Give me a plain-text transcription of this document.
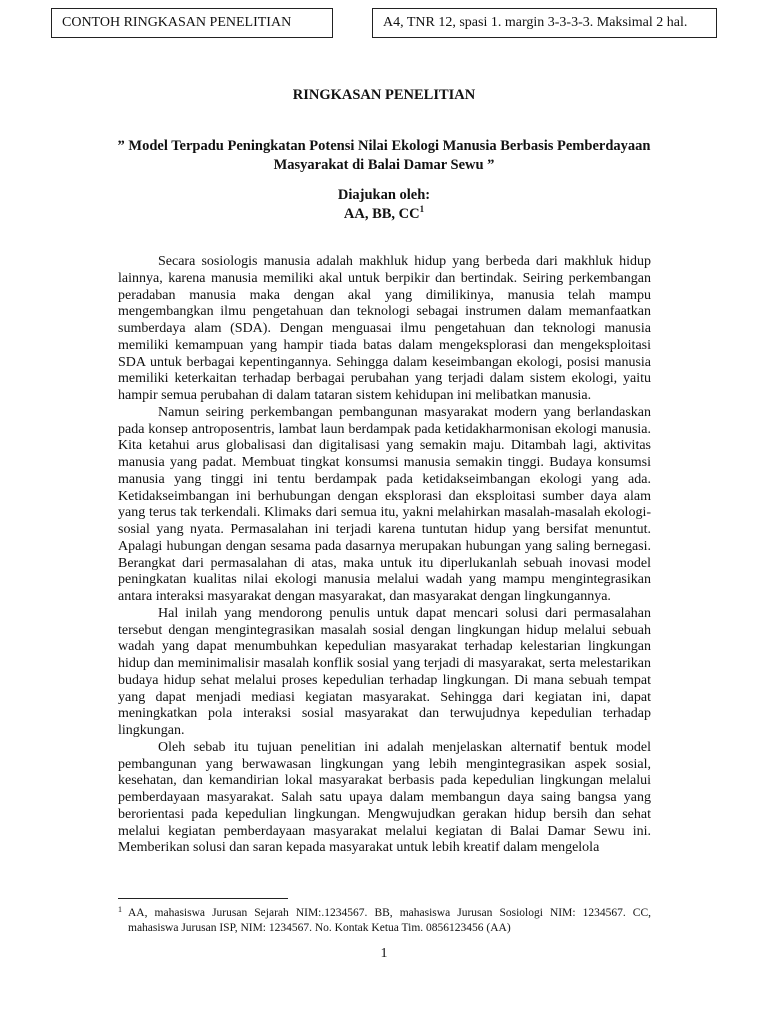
CONTOH RINGKASAN PENELITIAN	A4, TNR 12, spasi 1. margin 3-3-3-3. Maksimal 2 hal.
RINGKASAN PENELITIAN
” Model Terpadu Peningkatan Potensi Nilai Ekologi Manusia Berbasis Pemberdayaan
Masyarakat di Balai Damar Sewu ”
Diajukan oleh:
AA, BB, $CC^1$

Secara sosiologis manusia adalah makhluk hidup yang berbeda dari makhluk hidup lainnya, karena manusia memiliki akal untuk berpikir dan bertindak. Seiring perkembangan peradaban manusia maka dengan akal yang dimilikinya, manusia telah mampu mengembangkan ilmu pengetahuan dan teknologi sebagai instrumen dalam memanfaatkan sumberdaya alam (SDA). Dengan menguasai ilmu pengetahuan dan teknologi manusia memiliki kemampuan yang hampir tiada batas dalam mengeksplorasi dan mengeksploitasi SDA untuk berbagai kepentingannya. Sehingga dalam keseimbangan ekologi, posisi manusia memiliki keterkaitan terhadap berbagai perubahan yang terjadi dalam sistem ekologi, yaitu hampir semua perubahan di dalam tataran sistem kehidupan ini melibatkan manusia.

Namun seiring perkembangan pembangunan masyarakat modern yang berlandaskan pada konsep antroposentris, lambat laun berdampak pada ketidakharmonisan ekologi manusia. Kita ketahui arus globalisasi dan digitalisasi yang semakin maju. Ditambah lagi, aktivitas manusia yang padat. Membuat tingkat konsumsi manusia semakin tinggi. Budaya konsumsi manusia yang tinggi ini tentu berdampak pada ketidakseimbangan ekologi yang ada. Ketidakseimbangan ini berhubungan dengan eksplorasi dan eksploitasi sumber daya alam yang terus tak terkendali. Klimaks dari semua itu, yakni melahirkan masalah-masalah ekologi-sosial yang nyata. Permasalahan ini terjadi karena tuntutan hidup yang bersifat menuntut. Apalagi hubungan dengan sesama pada dasarnya merupakan hubungan yang saling bernegasi. Berangkat dari permasalahan di atas, maka untuk itu diperlukanlah sebuah inovasi model peningkatan kualitas nilai ekologi manusia melalui wadah yang mampu mengintegrasikan antara interaksi masyarakat dengan masyarakat, dan masyarakat dengan lingkungannya.

Hal inilah yang mendorong penulis untuk dapat mencari solusi dari permasalahan tersebut dengan mengintegrasikan masalah sosial dengan lingkungan hidup melalui sebuah wadah yang dapat menumbuhkan kepedulian masyarakat terhadap kelestarian lingkungan hidup dan meminimalisir masalah konflik sosial yang terjadi di masyarakat, serta melestarikan budaya hidup sehat melalui proses kepedulian terhadap lingkungan. Di mana sebuah tempat yang dapat menjadi mediasi kegiatan masyarakat. Sehingga dari kegiatan ini, dapat meningkatkan pola interaksi sosial masyarakat dan terwujudnya kepedulian terhadap lingkungan.

Oleh sebab itu tujuan penelitian ini adalah menjelaskan alternatif bentuk model pembangunan yang berwawasan lingkungan yang lebih mengintegrasikan aspek sosial, kesehatan, dan kemandirian lokal masyarakat berbasis pada kepedulian lingkungan melalui pemberdayaan masyarakat. Salah satu upaya dalam membangun daya saing bangsa yang berorientasi pada kepedulian lingkungan. Mengwujudkan gerakan hidup bersih dan sehat melalui kegiatan pemberdayaan masyarakat melalui kegiatan di Balai Damar Sewu ini. Memberikan solusi dan saran kepada masyarakat untuk lebih kreatif dalam mengelola

1 AA, mahasiswa Jurusan Sejarah NIM:.1234567. BB, mahasiswa Jurusan Sosiologi NIM: 1234567. CC, mahasiswa Jurusan ISP, NIM: 1234567. No. Kontak Ketua Tim. 0856123456 (AA)
1
